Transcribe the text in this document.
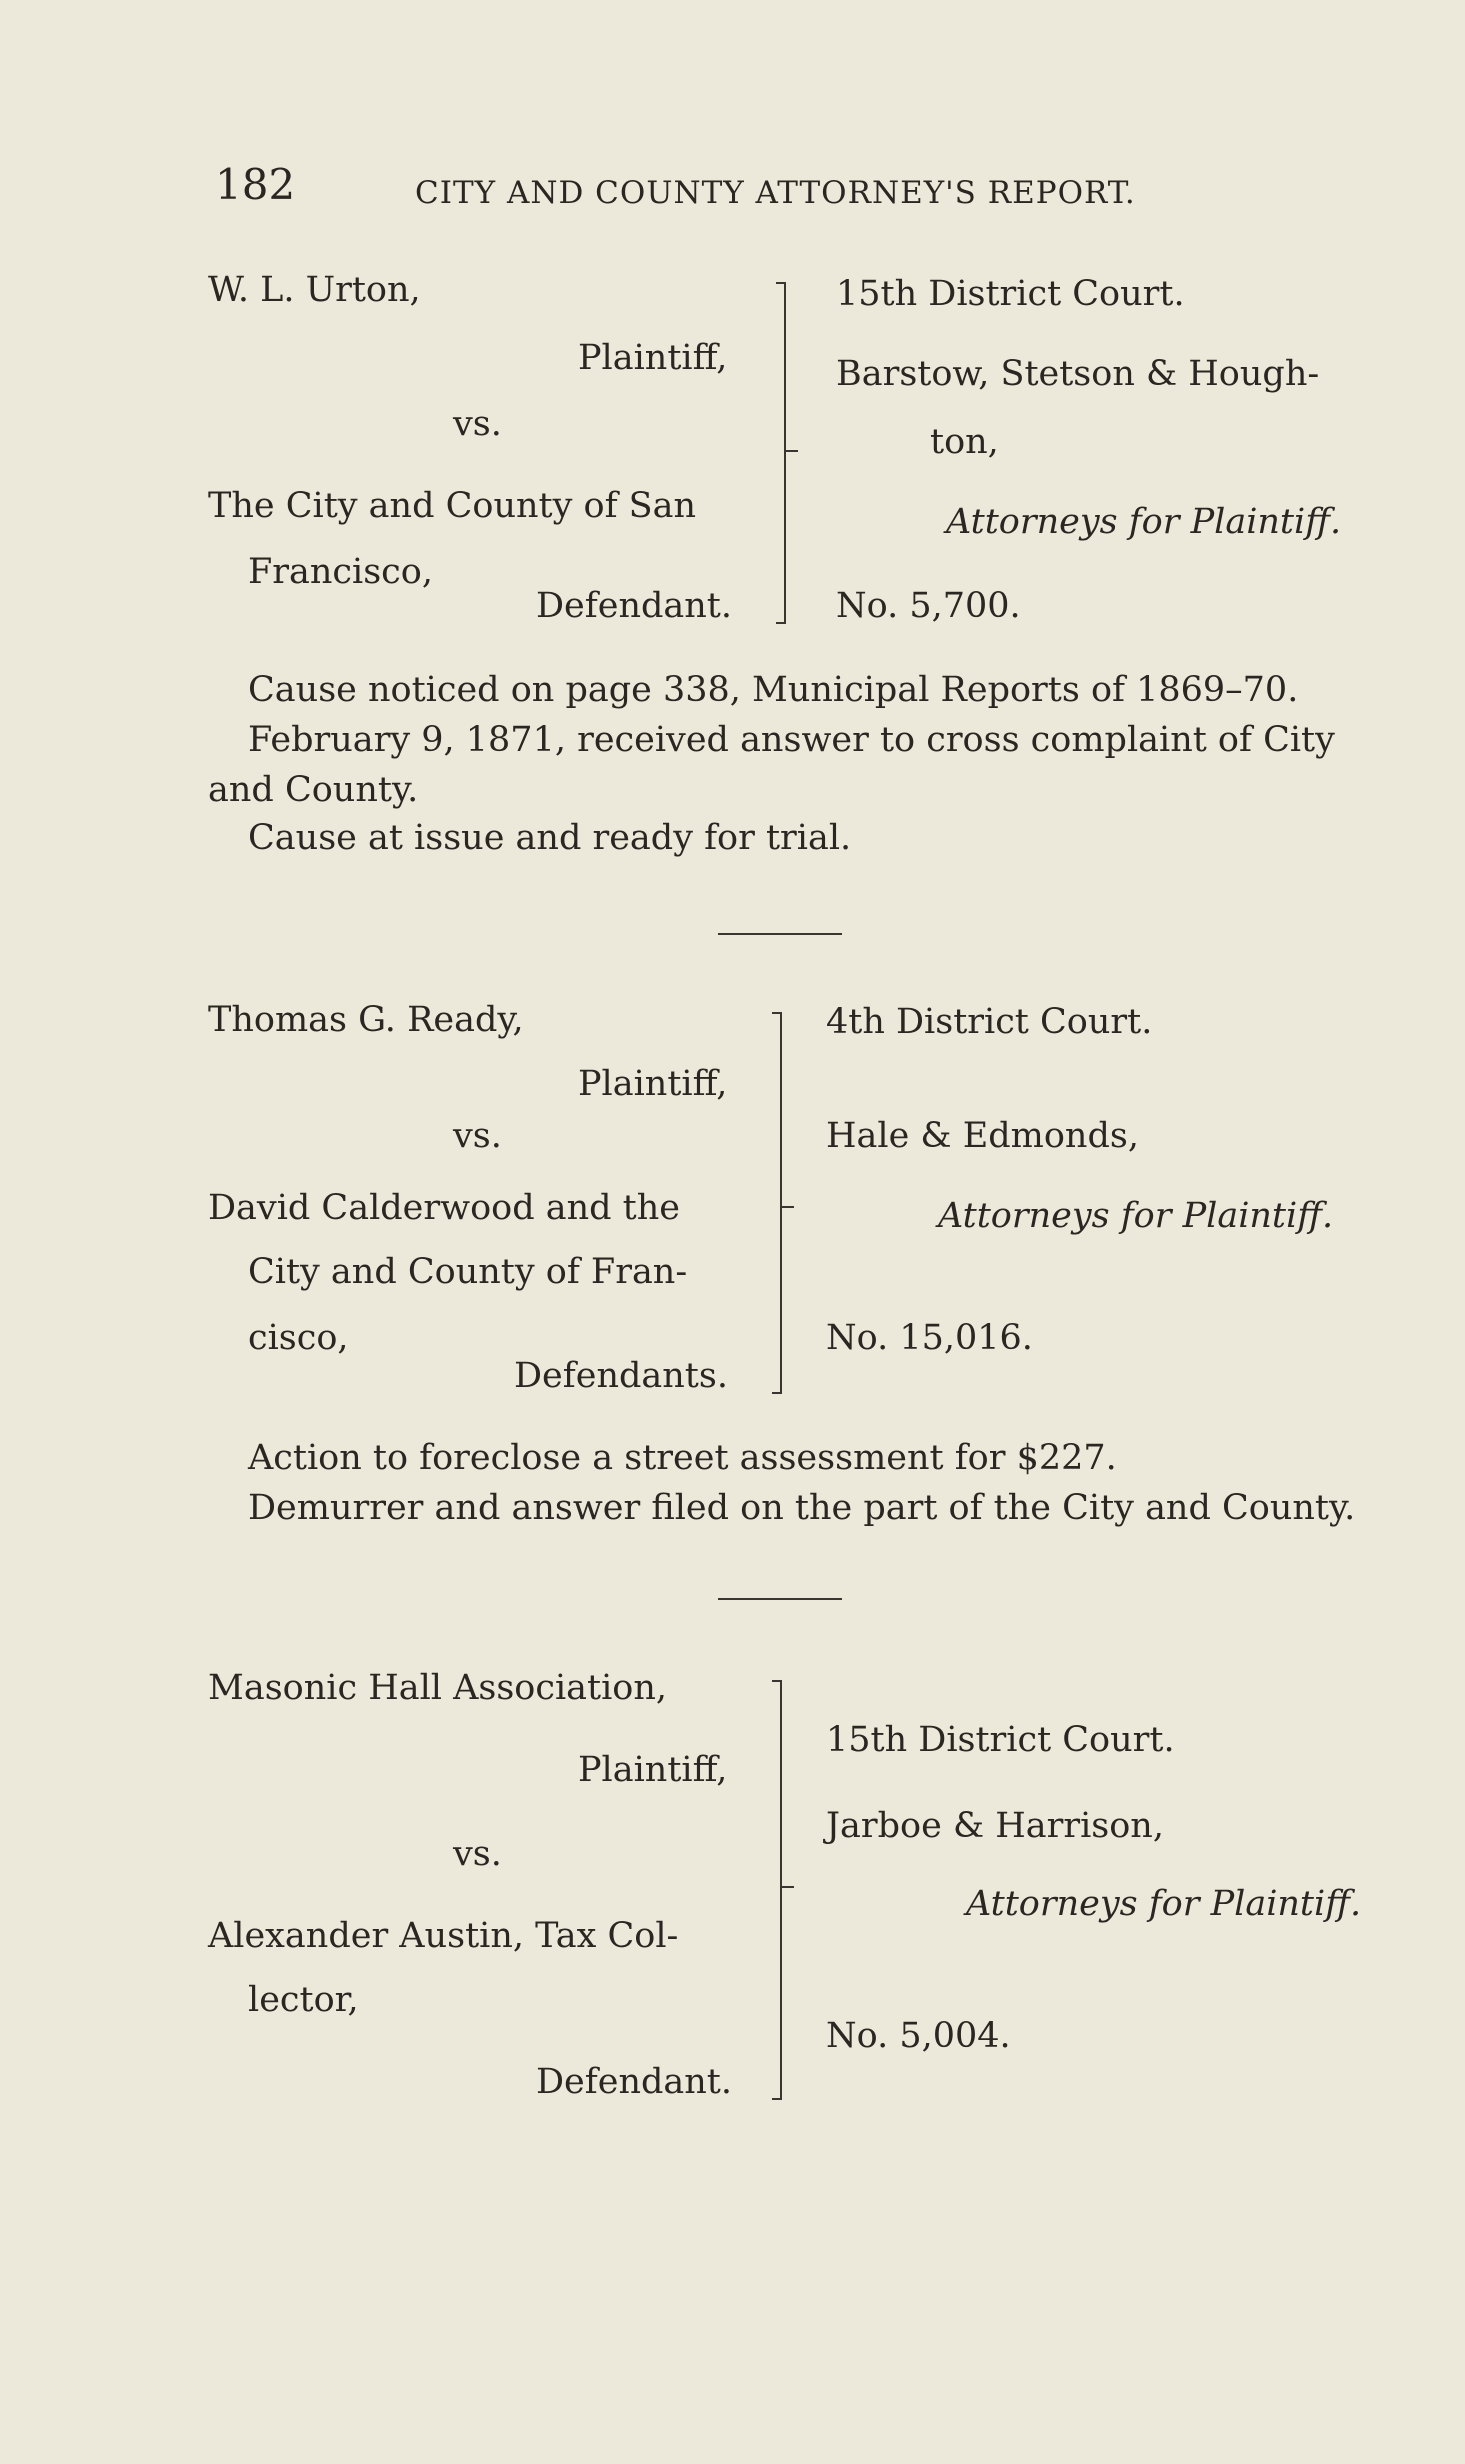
182	CITY AND COUNTY ATTORNEY'S REPORT.
W. L. Urton,
Plaintiff,
vs.
The City and County of San
Francisco,
Defendant.
15th District Court.
Barstow, Stetson & Hough-
ton,
Attorneys for Plaintiff.
No. 5,700.
Cause noticed on page 338, Municipal Reports of 1869–70.
February 9, 1871, received answer to cross complaint of City
and County.
Cause at issue and ready for trial.
Thomas G. Ready,
Plaintiff,
vs.
David Calderwood and the
City and County of Fran-
cisco,
Defendants.
4th District Court.
Hale & Edmonds,
Attorneys for Plaintiff.
No. 15,016.
Action to foreclose a street assessment for $227.
Demurrer and answer filed on the part of the City and County.
Masonic Hall Association,
Plaintiff,
vs.
Alexander Austin, Tax Col-
lector,
Defendant.
15th District Court.
Jarboe & Harrison,
Attorneys for Plaintiff.
No. 5,004.
